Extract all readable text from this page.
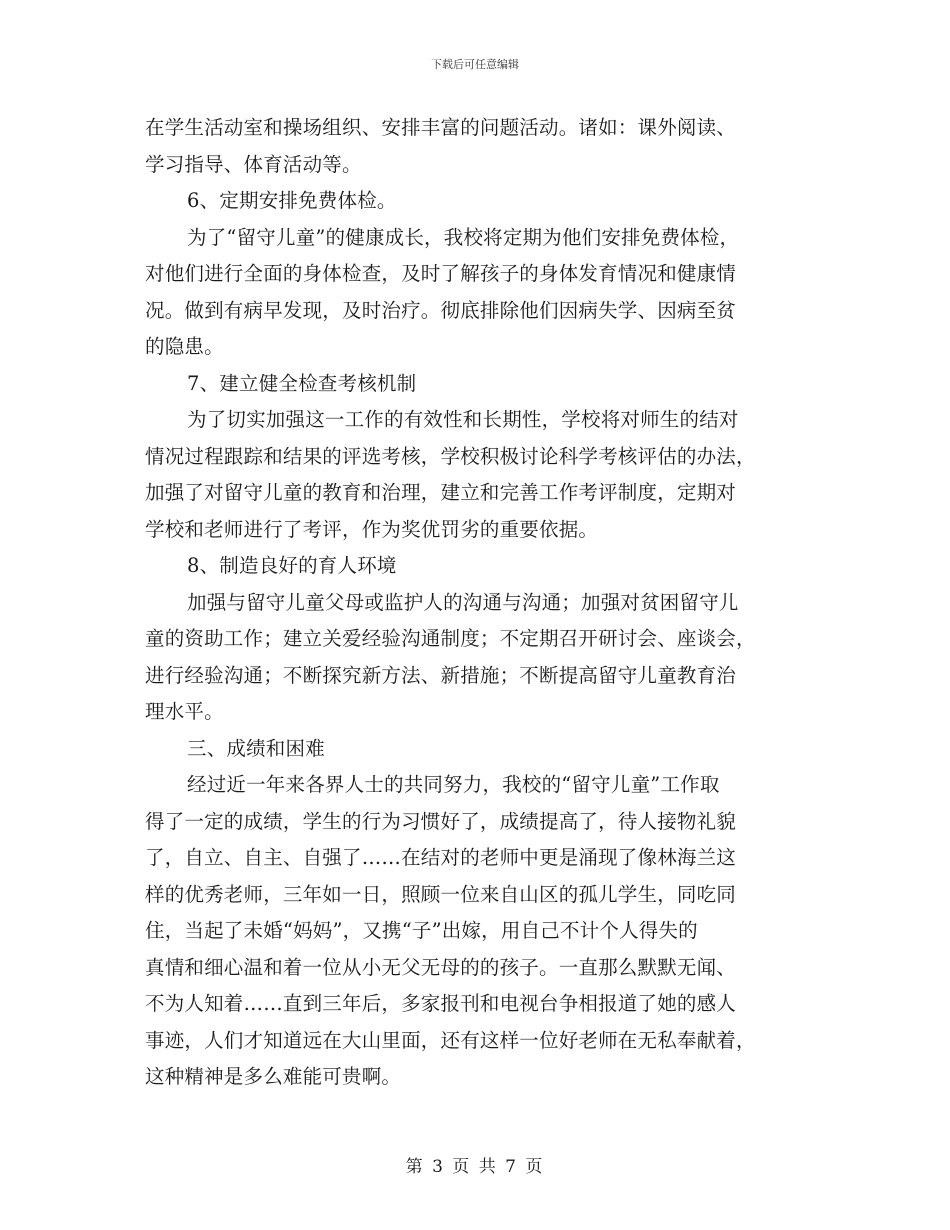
下载后可任意编辑
在学生活动室和操场组织、安排丰富的问题活动。诸如：课外阅读、
学习指导、体育活动等。
6、定期安排免费体检。
为了“留守儿童”的健康成长，我校将定期为他们安排免费体检，
对他们进行全面的身体检查，及时了解孩子的身体发育情况和健康情
况。做到有病早发现，及时治疗。彻底排除他们因病失学、因病至贫
的隐患。
7、建立健全检查考核机制
为了切实加强这一工作的有效性和长期性，学校将对师生的结对
情况过程跟踪和结果的评选考核，学校积极讨论科学考核评估的办法，
加强了对留守儿童的教育和治理，建立和完善工作考评制度，定期对
学校和老师进行了考评，作为奖优罚劣的重要依据。
8、制造良好的育人环境
加强与留守儿童父母或监护人的沟通与沟通；加强对贫困留守儿
童的资助工作；建立关爱经验沟通制度；不定期召开研讨会、座谈会，
进行经验沟通；不断探究新方法、新措施；不断提高留守儿童教育治
理水平。
三、成绩和困难
经过近一年来各界人士的共同努力，我校的“留守儿童”工作取
得了一定的成绩，学生的行为习惯好了，成绩提高了，待人接物礼貌
了，自立、自主、自强了……在结对的老师中更是涌现了像林海兰这
样的优秀老师，三年如一日，照顾一位来自山区的孤儿学生，同吃同
住，当起了未婚“妈妈”，又携“子”出嫁，用自己不计个人得失的
真情和细心温和着一位从小无父无母的的孩子。一直那么默默无闻、
不为人知着……直到三年后，多家报刊和电视台争相报道了她的感人
事迹，人们才知道远在大山里面，还有这样一位好老师在无私奉献着，
这种精神是多么难能可贵啊。
第 3 页 共 7 页
